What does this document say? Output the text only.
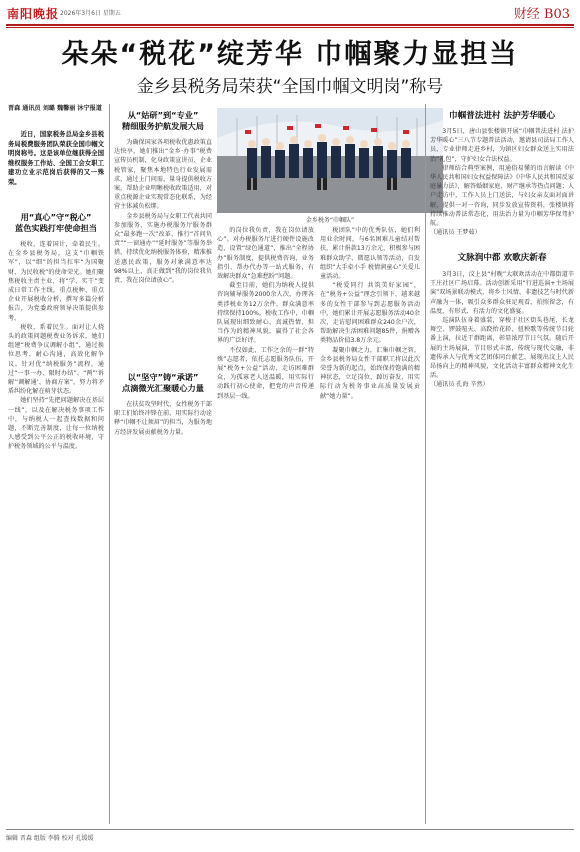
南阳晚报 2026年3月6日 星期五	财经 B03
朵朵“税花”绽芳华 巾帼聚力显担当
金乡县税务局荣获“全国巾帼文明岗”称号

晋森 通讯员 刘璐 魏馨丽 沐宁报道

近日，国家税务总局金乡县税务局税费服务团队荣获全国巾帼文明岗称号。这是该单位继获得全国维权服务工作站、全国工会女职工建功立业示范岗后获得的又一殊荣。

用“真心”守“税心”
蓝色实践打牢使命担当

税收，连着国计，牵着民生。在金乡县税务局，这支“巾帼铁军”，以“细”的担当扛牢“为国聚财、为民收税”的使命荣光。她们聚焦税收主责主业，将“学、实干”变成日常工作主线，重点税种、重点企业开展税收分析，撰写多篇分析报告，为党委政府领导决策提供参考。

税收，系着民生。面对让人挠头的政策问题税费业务诉求，她们组建“税费争议调解小组”，通过换位思考、耐心沟通，高效化解争议。针对优“纳税服务”流程，通过“一事一办、限时办结”、“两”‘诉解’‘调解通’、协商方案”，努力将矛盾纠纷化解在萌芽状态。

她们坚持“先把问题解决在基层一线”，以及在解决税务事项工作中，与纳税人一起查找数据和问题，不断完善制度，让每一位纳税人感受到公平公正的税收环境，守护税务领域的公平与温度。

从“姑研”到“专业”
精细服务护航发展大局

为确保国家各项税收优惠政策直达快享，她们推出“金乡·办事”税费宣传员机制，化身政策宣讲员、企业税管家，聚焦本地特色行业发展需求，通过上门问需、量身提供税收方案，帮助企业明晰税收政策适用，对重点税源企业实现常态化联系，为经营主体减负松绑。

金乡县税务局与女职工代表共同参加服务，实施办税服务厅服务群众“最多跑一次”改革，推行“首问负责”“一窗通办”“延时服务”等服务举措，持续优化纳税服务体验，精准推送惠民政策，服务对象满意率达98%以上，真正做到“我的岗位我负责，我在岗位请放心”。

以“坚守”铸“承诺”
点滴微光汇聚暖心力量

在扶贫攻坚时代，女性税务干部职工们始终冲锋在前、用实际行动诠释“巾帼不让须眉”的担当，为服务地方经济发展贡献税务力量。

金乡税务“巾帼队”

的岗位我负责，我在岗位请放心”。对办税服务厅进行硬件设施改造，设置“绿色通道”，推出“全程协办”服务制度，提供税费咨询、业务指引、帮办代办等一站式服务，有效解决群众“急难愁盼”问题。

截至目前，她们为纳税人提供咨询辅导服务2000余人次，办理各类涉税业务12万余件，群众满意率持续保持100%。税收工作中，巾帼队展现出细致耐心、真诚热情、担当作为的精神风貌，赢得了社会各界的广泛好评。

不仅如此，工作之余的一群“特殊”志愿者，依托志愿服务队伍，开展“税务+公益”活动，走访困难群众，为孤寡老人送温暖，用实际行动践行初心使命，把党的声音传递到基层一线。

税团队”中的优秀队伍，她们利用业余时间，与6名困难儿童结对帮扶，累计捐款13万余元，积极参与困难群众助学、微愿认领等活动，自发组织“大手牵小手 税情润童心”关爱儿童活动。

“税爱同行 共筑美好家园”，在“税务+公益”理念引领下，越来越多的女性干部参与到志愿服务活动中，她们累计开展志愿服务活动40余次，走访慰问困难群众240余户次，帮助解决生活困难问题85件，捐赠各类物品价值3.8万余元。

凝聚巾帼之力，汇集巾帼之智。金乡县税务局女性干部职工将以此次荣誉为新的起点，始终保持饱满的精神状态，立足岗位、踔厉奋发，用实际行动为税务事业高质量发展贡献“她力量”。

巾帼普法进村 法护芳华暖心

3月5日，唐山县张楼镇开展“巾帼普法进村 法护芳华暖心”三八节专题普法活动，邀请县司法局工作人员、专业律师走进乡村，为镇区妇女群众送上实用法治“礼包”，守护妇女合法权益。

律师结合典型案例，用通俗易懂的语言解读《中华人民共和国妇女权益保障法》《中华人民共和国反家庭暴力法》，解答婚姻家庭、财产继承等热点问题；人户走访中，工作人员上门送法，与妇女亲友面对面讲解，提供一对一咨询，同步发放宣传资料，张楼镇将持续推动普法常态化，用法治力量为巾帼芳华保驾护航。

（通讯员 王梦茹）

文脉润中都 欢歌庆新春

3月3日，汶上县“村晚”大联欢活动在中都街道辛王庄社区广场启幕。活动创新采用“行进巡演+主场展演”双场景联动模式，将乡土风情、非遗技艺与时代新声融为一体，吸引众多群众驻足观看、拍照留念，有温度、有形式、有活力的文化盛宴。

巡演队伍身着盛装，穿梭于社区街头巷尾，长龙舞空、锣鼓喧天、高跷抬花轿、扭秧歌等传统节目轮番上演，拉近干群距离，彰显浓厚节日气氛。随后开展的主场展演，节目形式丰富，传统与现代交融，非遗传承人与优秀文艺团体同台献艺，展现出汶上人民昂扬向上的精神风貌，文化活动丰富群众精神文化生活。

（通讯员 孔海 辛然）

编辑 晋森 组版 李腾 校对 孔缓缓
